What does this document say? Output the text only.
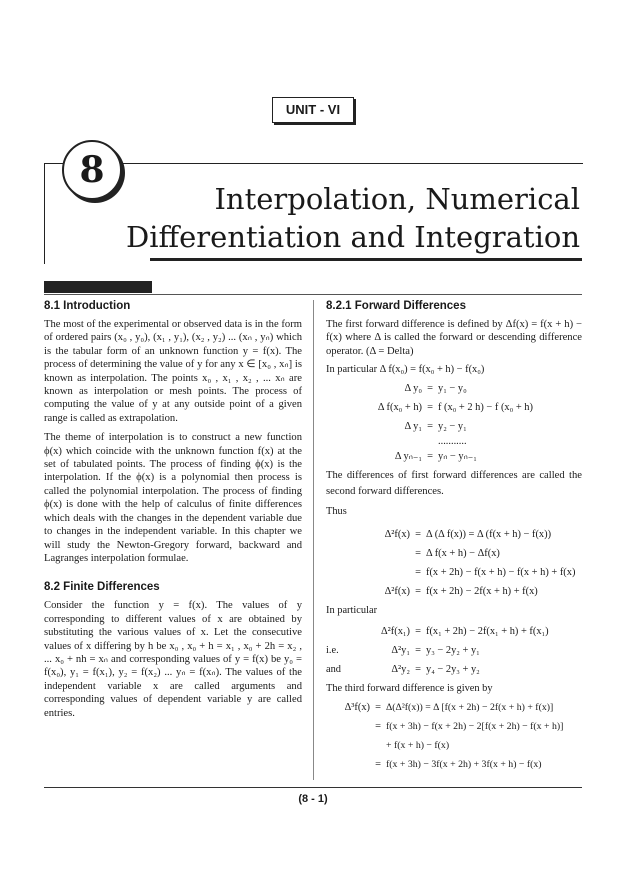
UNIT - VI
8
Interpolation, Numerical
Differentiation and Integration
8.1 Introduction

The most of the experimental or observed data is in the form of ordered pairs (x₀ , y₀), (x₁ , y₁), (x₂ , y₂) ... (xₙ , yₙ) which is the tabular form of an unknown function y = f(x). The process of determining the value of y for any x ∈ [x₀ , xₙ] is known as interpolation. The points x₀ , x₁ , x₂ , ... xₙ are known as interpolation or mesh points. The process of computing the value of y at any outside point of a given range is called as extrapolation.

The theme of interpolation is to construct a new function ϕ(x) which coincide with the unknown function f(x) at the set of tabulated points. The process of finding ϕ(x) is the interpolation. If the ϕ(x) is a polynomial then process is called the polynomial interpolation. The process of finding ϕ(x) is done with the help of calculus of finite differences which deals with the changes in the dependent variable due to changes in the independent variable. In this chapter we will study the Newton-Gregory forward, backward and Lagranges interpolation formulae.

8.2 Finite Differences

Consider the function y = f(x). The values of y corresponding to different values of x are obtained by substituting the various values of x. Let the consecutive values of x differing by h be x₀ , x₀ + h = x₁ , x₀ + 2h = x₂ , ... x₀ + nh = xₙ and corresponding values of y = f(x) be y₀ = f(x₀), y₁ = f(x₁), y₂ = f(x₂) ... yₙ = f(xₙ). The values of the independent variable x are called arguments and corresponding values of dependent variable y are called entries.

8.2.1 Forward Differences

The first forward difference is defined by Δf(x) = f(x + h) − f(x) where Δ is called the forward or descending difference operator. (Δ = Delta)

In particular Δ f(x₀) = f(x₀ + h) − f(x₀)
Δ y₀ = y₁ − y₀
Δ f(x₀ + h) = f (x₀ + 2 h) − f (x₀ + h)
Δ y₁ = y₂ − y₁
...........
Δ yₙ₋₁ = yₙ − yₙ₋₁

The differences of first forward differences are called the second forward differences.

Thus
Δ²f(x) = Δ (Δ f(x)) = Δ (f(x + h) − f(x))
= Δ f(x + h) − Δf(x)
= f(x + 2h) − f(x + h) − f(x + h) + f(x)
Δ²f(x) = f(x + 2h) − 2f(x + h) + f(x)
In particular
Δ²f(x₁) = f(x₁ + 2h) − 2f(x₁ + h) + f(x₁)
i.e.	Δ²y₁ = y₃ − 2y₂ + y₁
and	Δ²y₂ = y₄ − 2y₃ + y₂
The third forward difference is given by
Δ³f(x) = Δ(Δ²f(x)) = Δ [f(x + 2h) − 2f(x + h) + f(x)]
= f(x + 3h) − f(x + 2h) − 2[f(x + 2h) − f(x + h)]
+ f(x + h) − f(x)
= f(x + 3h) − 3f(x + 2h) + 3f(x + h) − f(x)
(8 - 1)
